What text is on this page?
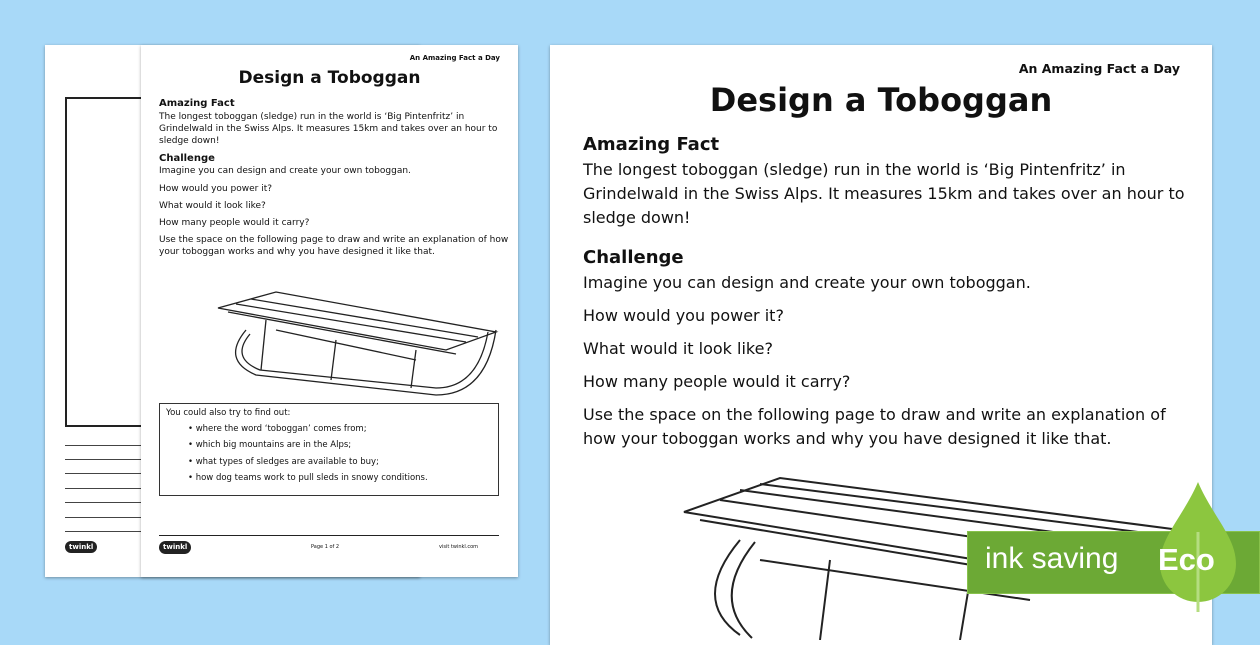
twinkl
An Amazing Fact a Day
Design a Toboggan
Amazing Fact

The longest toboggan (sledge) run in the world is ‘Big Pintenfritz’ in Grindelwald in the Swiss Alps. It measures 15km and takes over an hour to sledge down!

Challenge

Imagine you can design and create your own toboggan.

How would you power it?

What would it look like?

How many people would it carry?

Use the space on the following page to draw and write an explanation of how your toboggan works and why you have designed it like that.

You could also try to find out:
• where the word ‘toboggan’ comes from;
• which big mountains are in the Alps;
• what types of sledges are available to buy;
• how dog teams work to pull sleds in snowy conditions.
twinkl	Page 1 of 2	visit twinkl.com
An Amazing Fact a Day
Design a Toboggan
Amazing Fact

The longest toboggan (sledge) run in the world is ‘Big Pintenfritz’ in Grindelwald in the Swiss Alps. It measures 15km and takes over an hour to sledge down!

Challenge

Imagine you can design and create your own toboggan.

How would you power it?

What would it look like?

How many people would it carry?

Use the space on the following page to draw and write an explanation of how your toboggan works and why you have designed it like that.

ink saving Eco
